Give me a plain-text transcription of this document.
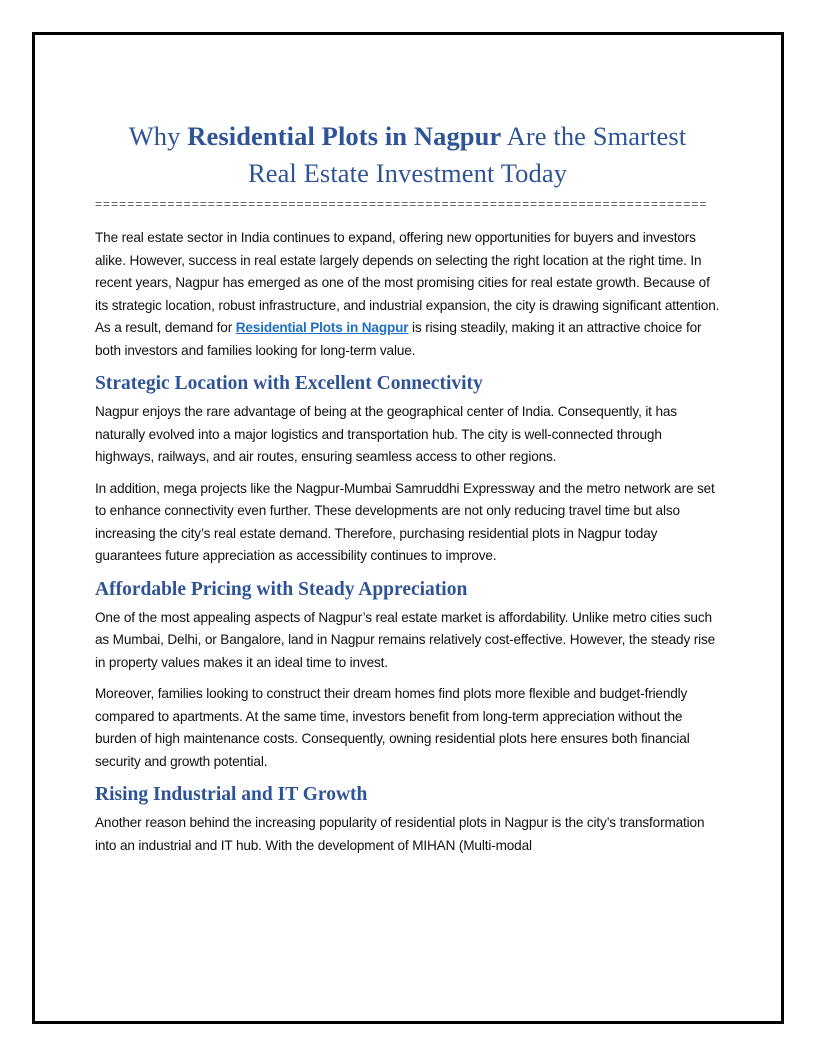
Why Residential Plots in Nagpur Are the Smartest
Real Estate Investment Today
============================================================================

The real estate sector in India continues to expand, offering new opportunities for buyers and investors alike. However, success in real estate largely depends on selecting the right location at the right time. In recent years, Nagpur has emerged as one of the most promising cities for real estate growth. Because of its strategic location, robust infrastructure, and industrial expansion, the city is drawing significant attention. As a result, demand for Residential Plots in Nagpur is rising steadily, making it an attractive choice for both investors and families looking for long-term value.

Strategic Location with Excellent Connectivity

Nagpur enjoys the rare advantage of being at the geographical center of India. Consequently, it has naturally evolved into a major logistics and transportation hub. The city is well-connected through highways, railways, and air routes, ensuring seamless access to other regions.

In addition, mega projects like the Nagpur-Mumbai Samruddhi Expressway and the metro network are set to enhance connectivity even further. These developments are not only reducing travel time but also increasing the city’s real estate demand. Therefore, purchasing residential plots in Nagpur today guarantees future appreciation as accessibility continues to improve.

Affordable Pricing with Steady Appreciation

One of the most appealing aspects of Nagpur’s real estate market is affordability. Unlike metro cities such as Mumbai, Delhi, or Bangalore, land in Nagpur remains relatively cost-effective. However, the steady rise in property values makes it an ideal time to invest.

Moreover, families looking to construct their dream homes find plots more flexible and budget-friendly compared to apartments. At the same time, investors benefit from long-term appreciation without the burden of high maintenance costs. Consequently, owning residential plots here ensures both financial security and growth potential.

Rising Industrial and IT Growth

Another reason behind the increasing popularity of residential plots in Nagpur is the city’s transformation into an industrial and IT hub. With the development of MIHAN (Multi-modal
